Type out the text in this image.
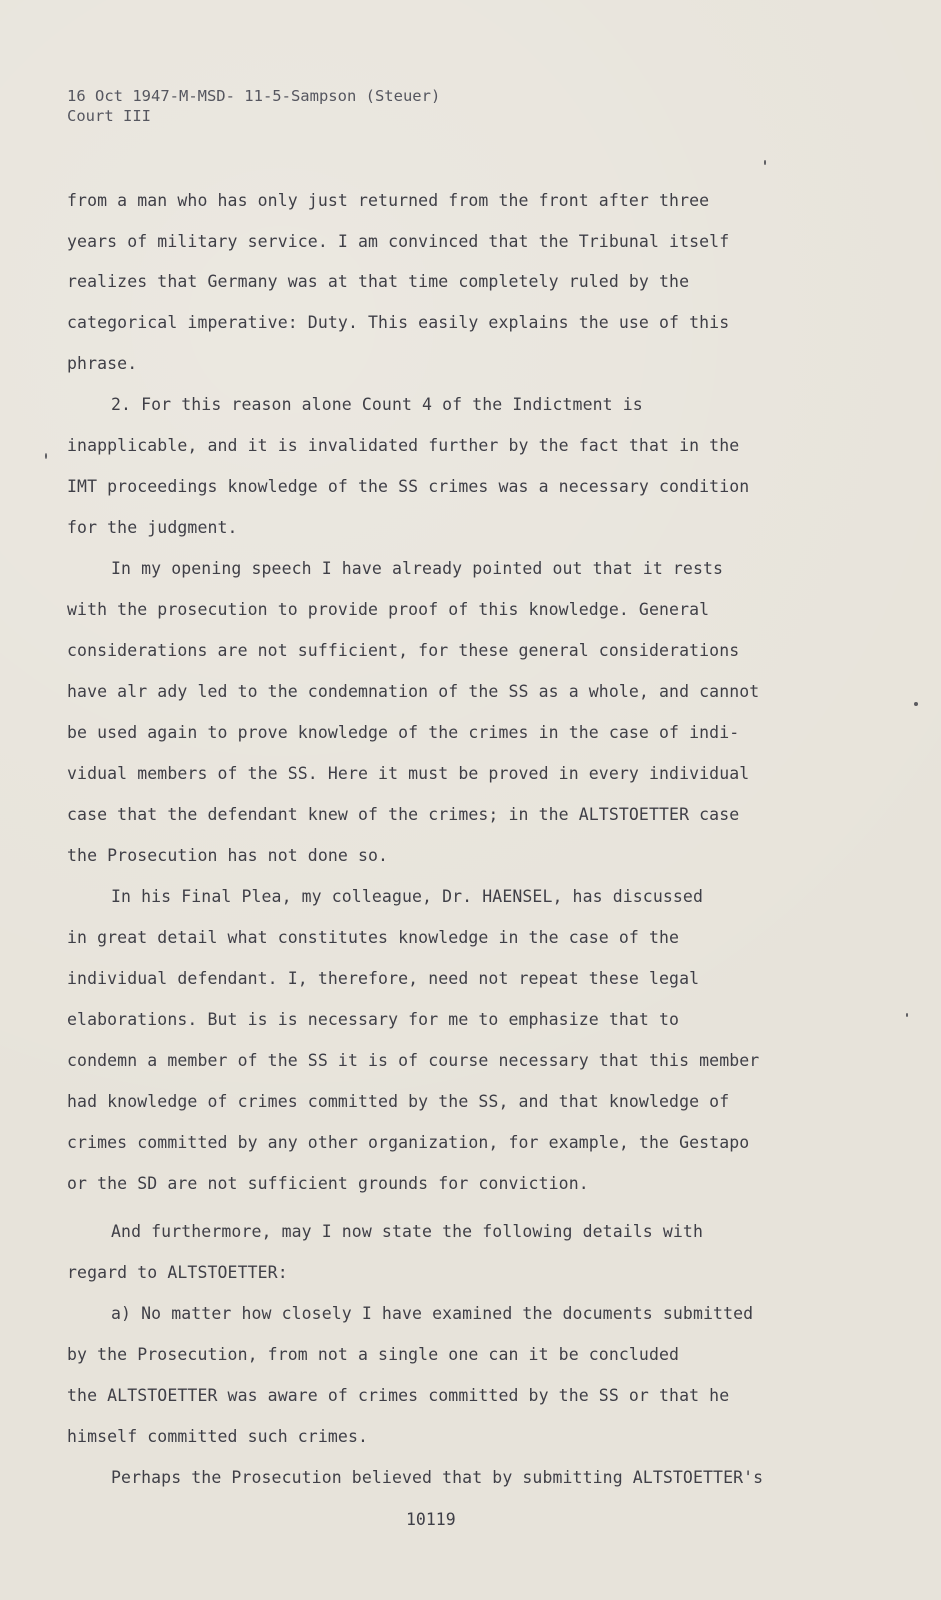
16 Oct 1947-M-MSD- 11-5-Sampson (Steuer)
Court III
from a man who has only just returned from the front after three
years of military service. I am convinced that the Tribunal itself
realizes that Germany was at that time completely ruled by the
categorical imperative: Duty. This easily explains the use of this
phrase.
2. For this reason alone Count 4 of the Indictment is
inapplicable, and it is invalidated further by the fact that in the
IMT proceedings knowledge of the SS crimes was a necessary condition
for the judgment.
In my opening speech I have already pointed out that it rests
with the prosecution to provide proof of this knowledge. General
considerations are not sufficient, for these general considerations
have alr ady led to the condemnation of the SS as a whole, and cannot
be used again to prove knowledge of the crimes in the case of indi-
vidual members of the SS. Here it must be proved in every individual
case that the defendant knew of the crimes; in the ALTSTOETTER case
the Prosecution has not done so.
In his Final Plea, my colleague, Dr. HAENSEL, has discussed
in great detail what constitutes knowledge in the case of the
individual defendant. I, therefore, need not repeat these legal
elaborations. But is is necessary for me to emphasize that to
condemn a member of the SS it is of course necessary that this member
had knowledge of crimes committed by the SS, and that knowledge of
crimes committed by any other organization, for example, the Gestapo
or the SD are not sufficient grounds for conviction.
And furthermore, may I now state the following details with
regard to ALTSTOETTER:
a) No matter how closely I have examined the documents submitted
by the Prosecution, from not a single one can it be concluded
the ALTSTOETTER was aware of crimes committed by the SS or that he
himself committed such crimes.
Perhaps the Prosecution believed that by submitting ALTSTOETTER's
10119
